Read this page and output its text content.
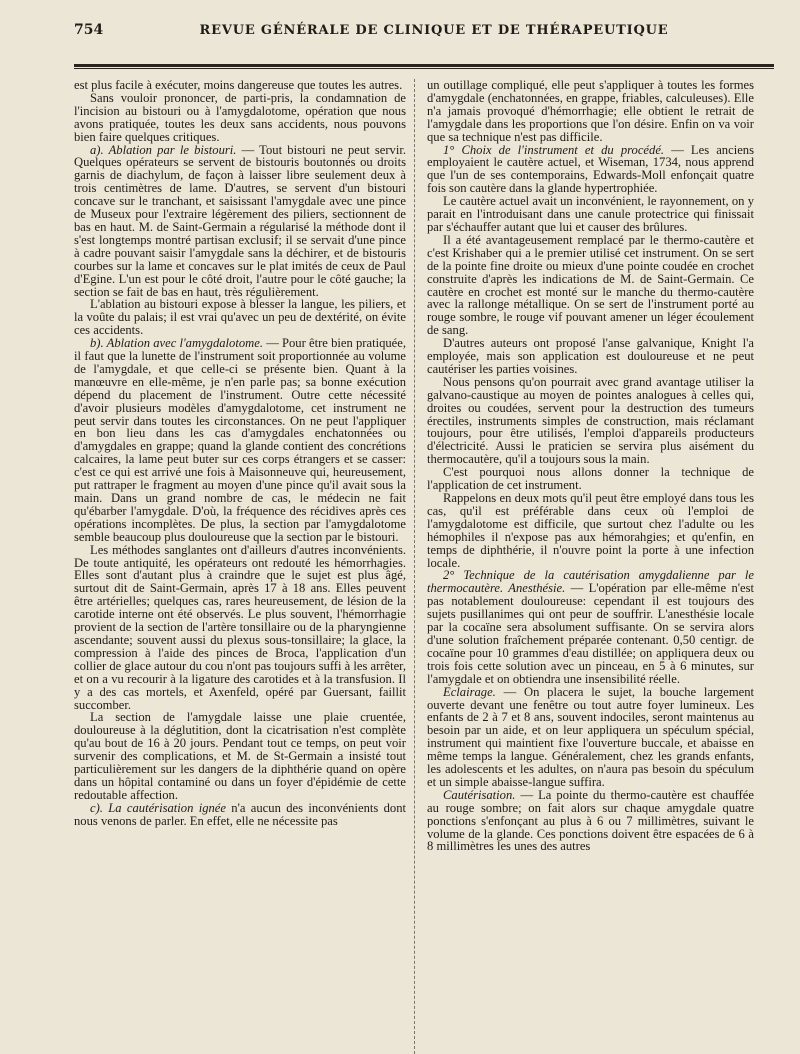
754	REVUE GÉNÉRALE DE CLINIQUE ET DE THÉRAPEUTIQUE

est plus facile à exécuter, moins dangereuse que toutes les autres.

Sans vouloir prononcer, de parti-pris, la condamnation de l'incision au bistouri ou à l'amygdalotome, opération que nous avons pratiquée, toutes les deux sans accidents, nous pouvons bien faire quelques critiques.

a). Ablation par le bistouri. — Tout bistouri ne peut servir. Quelques opérateurs se servent de bistouris boutonnés ou droits garnis de diachylum, de façon à laisser libre seulement deux à trois centimètres de lame. D'autres, se servent d'un bistouri concave sur le tranchant, et saisissant l'amygdale avec une pince de Museux pour l'extraire légèrement des piliers, sectionnent de bas en haut. M. de Saint-Germain a régularisé la méthode dont il s'est longtemps montré partisan exclusif; il se servait d'une pince à cadre pouvant saisir l'amygdale sans la déchirer, et de bistouris courbes sur la lame et concaves sur le plat imités de ceux de Paul d'Egine. L'un est pour le côté droit, l'autre pour le côté gauche; la section se fait de bas en haut, très régulièrement.

L'ablation au bistouri expose à blesser la langue, les piliers, et la voûte du palais; il est vrai qu'avec un peu de dextérité, on évite ces accidents.

b). Ablation avec l'amygdalotome. — Pour être bien pratiquée, il faut que la lunette de l'instrument soit proportionnée au volume de l'amygdale, et que celle-ci se présente bien. Quant à la manœuvre en elle-même, je n'en parle pas; sa bonne exécution dépend du placement de l'instrument. Outre cette nécessité d'avoir plusieurs modèles d'amygdalotome, cet instrument ne peut servir dans toutes les circonstances. On ne peut l'appliquer en bon lieu dans les cas d'amygdales enchatonnées ou d'amygdales en grappe; quand la glande contient des concrétions calcaires, la lame peut buter sur ces corps étrangers et se casser: c'est ce qui est arrivé une fois à Maisonneuve qui, heureusement, put rattraper le fragment au moyen d'une pince qu'il avait sous la main. Dans un grand nombre de cas, le médecin ne fait qu'ébarber l'amygdale. D'où, la fréquence des récidives après ces opérations incomplètes. De plus, la section par l'amygdalotome semble beaucoup plus douloureuse que la section par le bistouri.

Les méthodes sanglantes ont d'ailleurs d'autres inconvénients. De toute antiquité, les opérateurs ont redouté les hémorrhagies. Elles sont d'autant plus à craindre que le sujet est plus âgé, surtout dit de Saint-Germain, après 17 à 18 ans. Elles peuvent être artérielles; quelques cas, rares heureusement, de lésion de la carotide interne ont été observés. Le plus souvent, l'hémorrhagie provient de la section de l'artère tonsillaire ou de la pharyngienne ascendante; souvent aussi du plexus sous-tonsillaire; la glace, la compression à l'aide des pinces de Broca, l'application d'un collier de glace autour du cou n'ont pas toujours suffi à les arrêter, et on a vu recourir à la ligature des carotides et à la transfusion. Il y a des cas mortels, et Axenfeld, opéré par Guersant, faillit succomber.

La section de l'amygdale laisse une plaie cruentée, douloureuse à la déglutition, dont la cicatrisation n'est complète qu'au bout de 16 à 20 jours. Pendant tout ce temps, on peut voir survenir des complications, et M. de St-Germain a insisté tout particulièrement sur les dangers de la diphthérie quand on opère dans un hôpital contaminé ou dans un foyer d'épidémie de cette redoutable affection.

c). La cautérisation ignée n'a aucun des inconvénients dont nous venons de parler. En effet, elle ne nécessite pas

un outillage compliqué, elle peut s'appliquer à toutes les formes d'amygdale (enchatonnées, en grappe, friables, calculeuses). Elle n'a jamais provoqué d'hémorrhagie; elle obtient le retrait de l'amygdale dans les proportions que l'on désire. Enfin on va voir que sa technique n'est pas difficile.

1° Choix de l'instrument et du procédé. — Les anciens employaient le cautère actuel, et Wiseman, 1734, nous apprend que l'un de ses contemporains, Edwards-Moll enfonçait quatre fois son cautère dans la glande hypertrophiée.

Le cautère actuel avait un inconvénient, le rayonnement, on y parait en l'introduisant dans une canule protectrice qui finissait par s'échauffer autant que lui et causer des brûlures.

Il a été avantageusement remplacé par le thermo-cautère et c'est Krishaber qui a le premier utilisé cet instrument. On se sert de la pointe fine droite ou mieux d'une pointe coudée en crochet construite d'après les indications de M. de Saint-Germain. Ce cautère en crochet est monté sur le manche du thermo-cautère avec la rallonge métallique. On se sert de l'instrument porté au rouge sombre, le rouge vif pouvant amener un léger écoulement de sang.

D'autres auteurs ont proposé l'anse galvanique, Knight l'a employée, mais son application est douloureuse et ne peut cautériser les parties voisines.

Nous pensons qu'on pourrait avec grand avantage utiliser la galvano-caustique au moyen de pointes analogues à celles qui, droites ou coudées, servent pour la destruction des tumeurs érectiles, instruments simples de construction, mais réclamant toujours, pour être utilisés, l'emploi d'appareils producteurs d'électricité. Aussi le praticien se servira plus aisément du thermocautère, qu'il a toujours sous la main.

C'est pourquoi nous allons donner la technique de l'application de cet instrument.

Rappelons en deux mots qu'il peut être employé dans tous les cas, qu'il est préférable dans ceux où l'emploi de l'amygdalotome est difficile, que surtout chez l'adulte ou les hémophiles il n'expose pas aux hémorahgies; et qu'enfin, en temps de diphthérie, il n'ouvre point la porte à une infection locale.

2° Technique de la cautérisation amygdalienne par le thermocautère. Anesthésie. — L'opération par elle-même n'est pas notablement douloureuse: cependant il est toujours des sujets pusillanimes qui ont peur de souffrir. L'anesthésie locale par la cocaïne sera absolument suffisante. On se servira alors d'une solution fraîchement préparée contenant. 0,50 centigr. de cocaïne pour 10 grammes d'eau distillée; on appliquera deux ou trois fois cette solution avec un pinceau, en 5 à 6 minutes, sur l'amygdale et on obtiendra une insensibilité réelle.

Eclairage. — On placera le sujet, la bouche largement ouverte devant une fenêtre ou tout autre foyer lumineux. Les enfants de 2 à 7 et 8 ans, souvent indociles, seront maintenus au besoin par un aide, et on leur appliquera un spéculum spécial, instrument qui maintient fixe l'ouverture buccale, et abaisse en même temps la langue. Généralement, chez les grands enfants, les adolescents et les adultes, on n'aura pas besoin du spéculum et un simple abaisse-langue suffira.

Cautérisation. — La pointe du thermo-cautère est chauffée au rouge sombre; on fait alors sur chaque amygdale quatre ponctions s'enfonçant au plus à 6 ou 7 millimètres, suivant le volume de la glande. Ces ponctions doivent être espacées de 6 à 8 millimètres les unes des autres
